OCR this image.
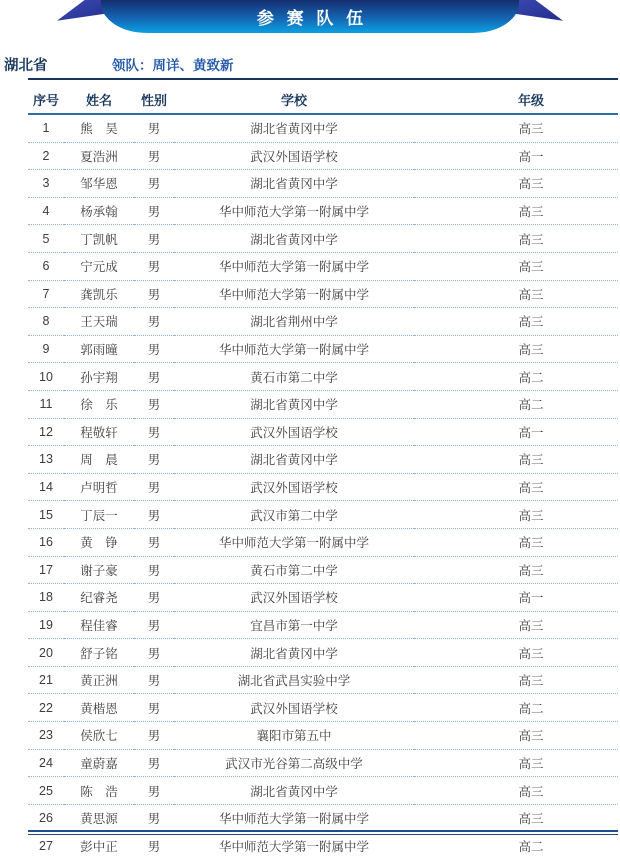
参 赛 队 伍
湖北省	领队：周详、黄致新
序号	姓名	性别	学校	年级
1	熊　昊	男	湖北省黄冈中学	高三
2	夏浩洲	男	武汉外国语学校	高一
3	邹华恩	男	湖北省黄冈中学	高三
4	杨承翰	男	华中师范大学第一附属中学	高三
5	丁凯帆	男	湖北省黄冈中学	高三
6	宁元成	男	华中师范大学第一附属中学	高三
7	龚凯乐	男	华中师范大学第一附属中学	高三
8	王天瑞	男	湖北省荆州中学	高三
9	郭雨曈	男	华中师范大学第一附属中学	高三
10	孙宇翔	男	黄石市第二中学	高二
11	徐　乐	男	湖北省黄冈中学	高二
12	程敬轩	男	武汉外国语学校	高一
13	周　晨	男	湖北省黄冈中学	高三
14	卢明哲	男	武汉外国语学校	高三
15	丁辰一	男	武汉市第二中学	高三
16	黄　铮	男	华中师范大学第一附属中学	高三
17	谢子豪	男	黄石市第二中学	高三
18	纪睿尧	男	武汉外国语学校	高一
19	程佳睿	男	宜昌市第一中学	高三
20	舒子铭	男	湖北省黄冈中学	高三
21	黄正洲	男	湖北省武昌实验中学	高三
22	黄楷恩	男	武汉外国语学校	高二
23	侯欣七	男	襄阳市第五中	高三
24	童蔚嘉	男	武汉市光谷第二高级中学	高三
25	陈　浩	男	湖北省黄冈中学	高三
26	黄思源	男	华中师范大学第一附属中学	高三
27	彭中正	男	华中师范大学第一附属中学	高二
